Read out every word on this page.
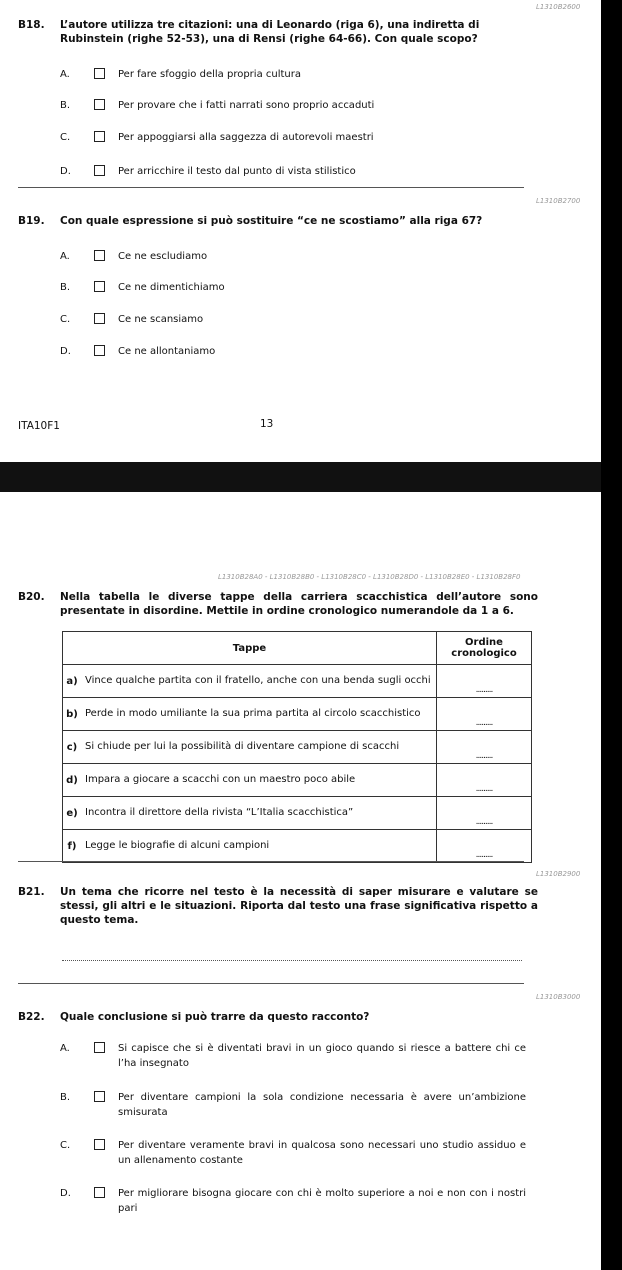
L1310B2600
B18. L’autore utilizza tre citazioni: una di Leonardo (riga 6), una indiretta di Rubinstein (righe 52-53), una di Rensi (righe 64-66). Con quale scopo?
A.	Per fare sfoggio della propria cultura
B.	Per provare che i fatti narrati sono proprio accaduti
C.	Per appoggiarsi alla saggezza di autorevoli maestri
D.	Per arricchire il testo dal punto di vista stilistico
L1310B2700
B19. Con quale espressione si può sostituire “ce ne scostiamo” alla riga 67?
A.	Ce ne escludiamo
B.	Ce ne dimentichiamo
C.	Ce ne scansiamo
D.	Ce ne allontaniamo
ITA10F1	13
L1310B28A0 - L1310B28B0 - L1310B28C0 - L1310B28D0 - L1310B28E0 - L1310B28F0
B20. Nella tabella le diverse tappe della carriera scacchistica dell’autore sono presentate in disordine. Mettile in ordine cronologico numerandole da 1 a 6.
Tappe		Ordine cronologico
a)	Vince qualche partita con il fratello, anche con una benda sugli occhi	.........
b)	Perde in modo umiliante la sua prima partita al circolo scacchistico	.........
c)	Si chiude per lui la possibilità di diventare campione di scacchi	.........
d)	Impara a giocare a scacchi con un maestro poco abile	.........
e)	Incontra il direttore della rivista “L’Italia scacchistica”	.........
f)	Legge le biografie di alcuni campioni	.........
L1310B2900
B21. Un tema che ricorre nel testo è la necessità di saper misurare e valutare se stessi, gli altri e le situazioni. Riporta dal testo una frase significativa rispetto a questo tema.
L1310B3000
B22. Quale conclusione si può trarre da questo racconto?
A.	Si capisce che si è diventati bravi in un gioco quando si riesce a battere chi ce l’ha insegnato
B.	Per diventare campioni la sola condizione necessaria è avere un’ambizione smisurata
C.	Per diventare veramente bravi in qualcosa sono necessari uno studio assiduo e un allenamento costante
D.	Per migliorare bisogna giocare con chi è molto superiore a noi e non con i nostri pari
